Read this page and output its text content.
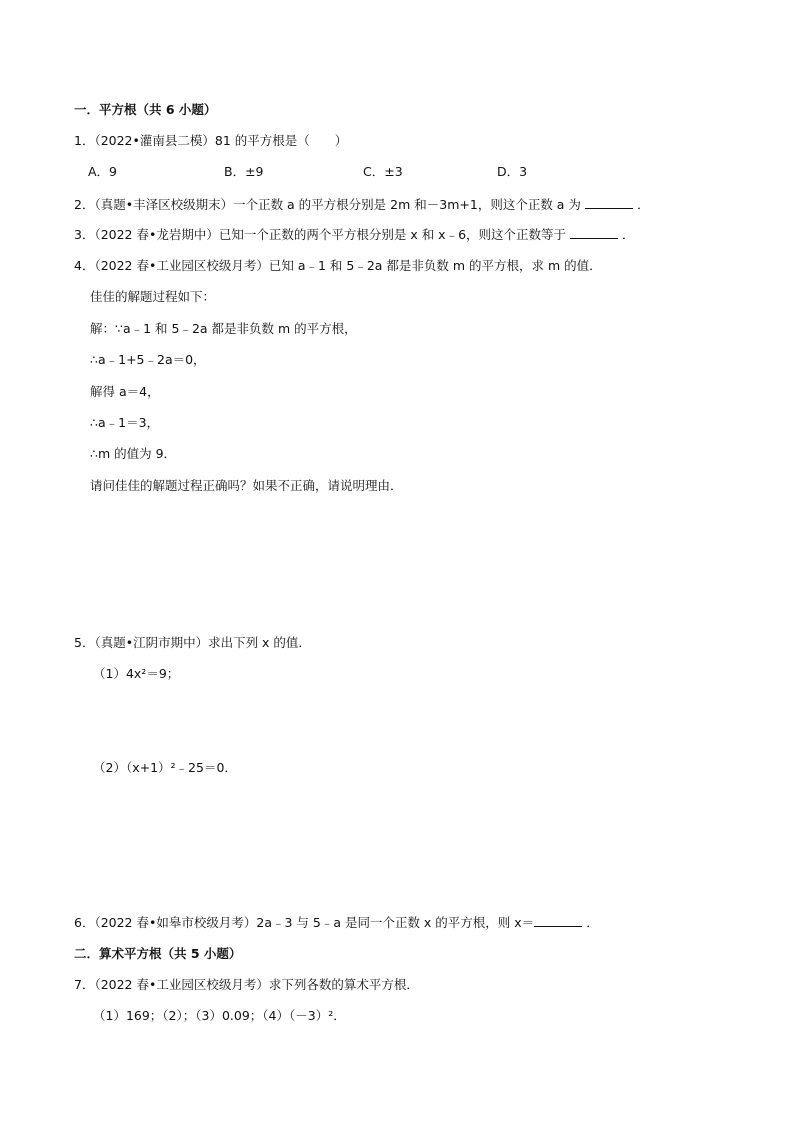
一．平方根（共 6 小题）
1．（2022•灌南县二模）81 的平方根是（　　）
A．9	B．±9	C．±3	D．3
2．（真题•丰泽区校级期末）一个正数 a 的平方根分别是 2m 和－3m+1，则这个正数 a 为	．
3．（2022 春•龙岩期中）已知一个正数的两个平方根分别是 x 和 x﹣6，则这个正数等于	．
4．（2022 春•工业园区校级月考）已知 a﹣1 和 5﹣2a 都是非负数 m 的平方根，求 m 的值．
佳佳的解题过程如下：
解：∵a﹣1 和 5﹣2a 都是非负数 m 的平方根，
∴a﹣1+5﹣2a＝0，
解得 a＝4，
∴a﹣1＝3，
∴m 的值为 9．
请问佳佳的解题过程正确吗？如果不正确，请说明理由．
5．（真题•江阴市期中）求出下列 x 的值．
（1）4x²＝9；
（2）（x+1）²﹣25＝0．
6．（2022 春•如皋市校级月考）2a﹣3 与 5﹣a 是同一个正数 x 的平方根，则 x＝	．
二．算术平方根（共 5 小题）
7．（2022 春•工业园区校级月考）求下列各数的算术平方根．
（1）169；（2）；（3）0.09；（4）（－3）²．
